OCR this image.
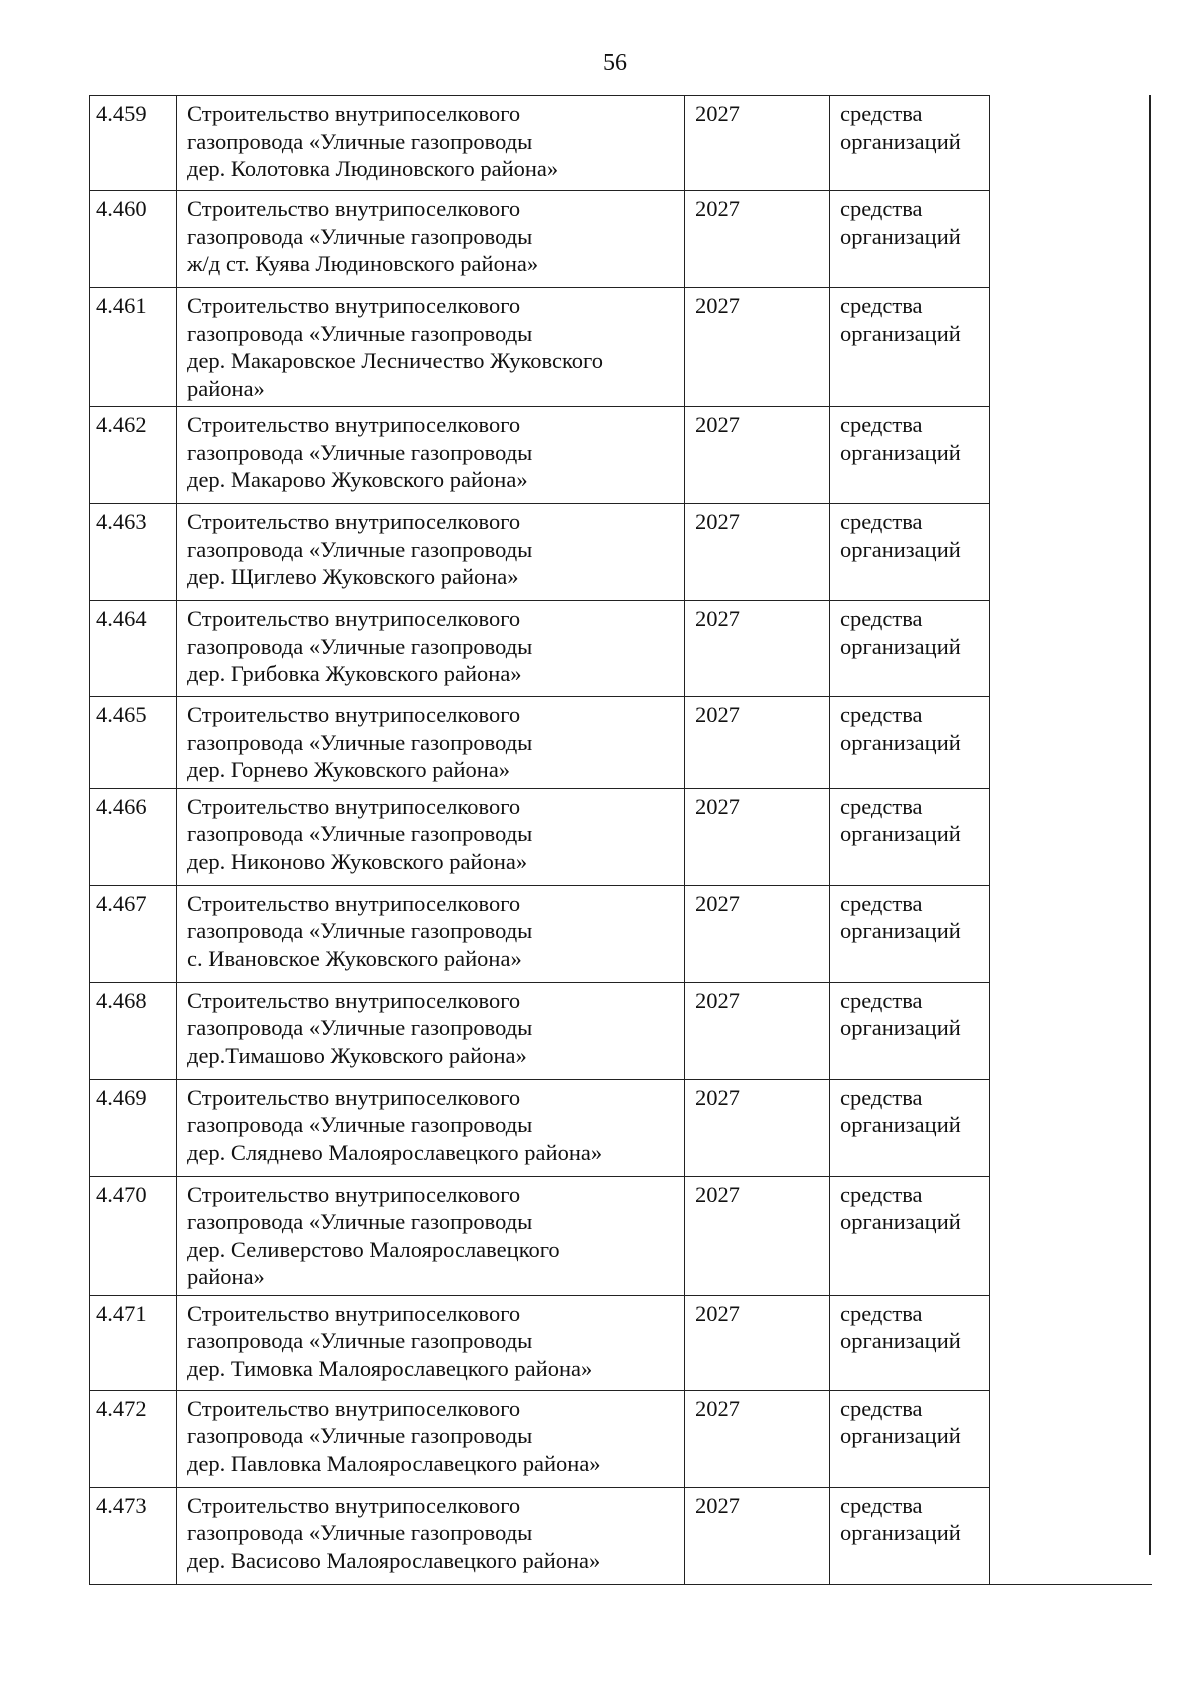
56
4.459	Строительство внутрипоселкового
газопровода «Уличные газопроводы
дер. Колотовка Людиновского района»	2027	средства
организаций	

4.460	Строительство внутрипоселкового
газопровода «Уличные газопроводы
ж/д ст. Куява Людиновского района»	2027	средства
организаций	

4.461	Строительство внутрипоселкового
газопровода «Уличные газопроводы
дер. Макаровское Лесничество Жуковского
района»	2027	средства
организаций	

4.462	Строительство внутрипоселкового
газопровода «Уличные газопроводы
дер. Макарово Жуковского района»	2027	средства
организаций	

4.463	Строительство внутрипоселкового
газопровода «Уличные газопроводы
дер. Щиглево Жуковского района»	2027	средства
организаций	

4.464	Строительство внутрипоселкового
газопровода «Уличные газопроводы
дер. Грибовка Жуковского района»	2027	средства
организаций	

4.465	Строительство внутрипоселкового
газопровода «Уличные газопроводы
дер. Горнево Жуковского района»	2027	средства
организаций	

4.466	Строительство внутрипоселкового
газопровода «Уличные газопроводы
дер. Никоново Жуковского района»	2027	средства
организаций	

4.467	Строительство внутрипоселкового
газопровода «Уличные газопроводы
с. Ивановское Жуковского района»	2027	средства
организаций	

4.468	Строительство внутрипоселкового
газопровода «Уличные газопроводы
дер.Тимашово Жуковского района»	2027	средства
организаций	

4.469	Строительство внутрипоселкового
газопровода «Уличные газопроводы
дер. Сляднево Малоярославецкого района»	2027	средства
организаций	

4.470	Строительство внутрипоселкового
газопровода «Уличные газопроводы
дер. Селиверстово Малоярославецкого
района»	2027	средства
организаций	

4.471	Строительство внутрипоселкового
газопровода «Уличные газопроводы
дер. Тимовка Малоярославецкого района»	2027	средства
организаций	

4.472	Строительство внутрипоселкового
газопровода «Уличные газопроводы
дер. Павловка Малоярославецкого района»	2027	средства
организаций	

4.473	Строительство внутрипоселкового
газопровода «Уличные газопроводы
дер. Васисово Малоярославецкого района»	2027	средства
организаций	
